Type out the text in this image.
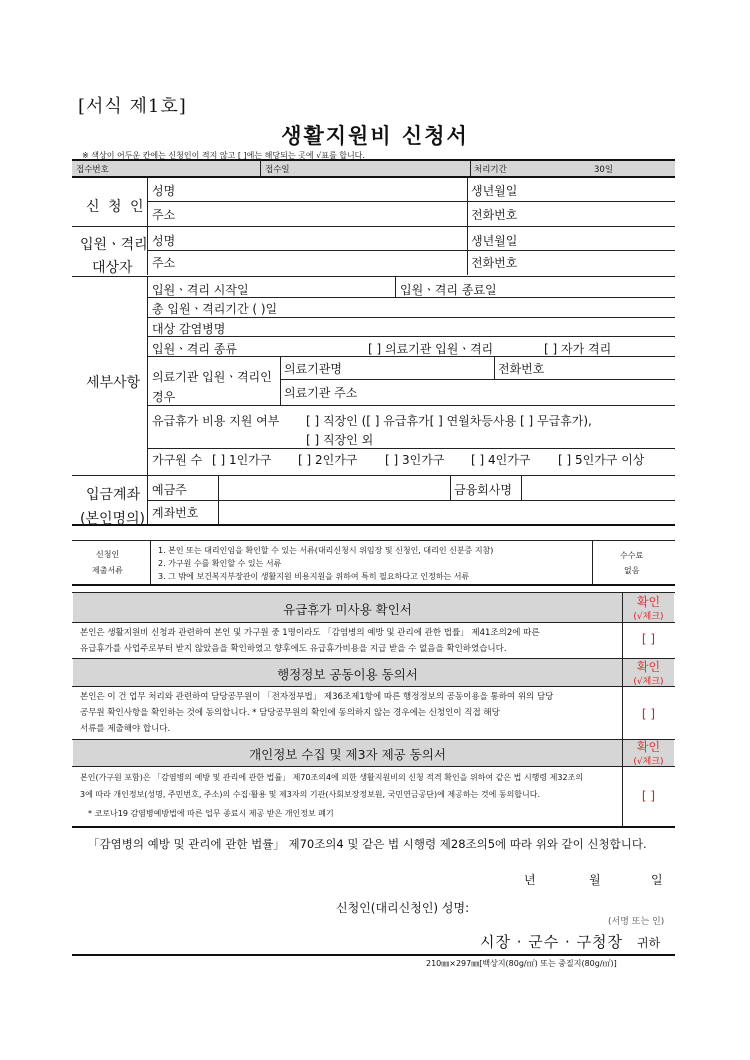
[서식 제1호]
생활지원비 신청서
※ 색상이 어두운 칸에는 신청인이 적지 않고 [ ]에는 해당되는 곳에 √표를 합니다.
접수번호	접수일	처리기간	30일
신 청 인
성명	생년월일
주소	전화번호
입원ㆍ격리
대상자
성명	생년월일
주소	전화번호
세부사항
입원ㆍ격리 시작일	입원ㆍ격리 종료일
총 입원ㆍ격리기간 ( )일
대상 감염병명
입원ㆍ격리 종류	[ ] 의료기관 입원ㆍ격리	[ ] 자가 격리
의료기관 입원ㆍ격리인
경우
의료기관명	전화번호
의료기관 주소
유급휴가 비용 지원 여부 [ ] 직장인 ([ ] 유급휴가[ ] 연월차등사용 [ ] 무급휴가),
[ ] 직장인 외
가구원 수 [ ] 1인가구 [ ] 2인가구 [ ] 3인가구 [ ] 4인가구 [ ] 5인가구 이상
입금계좌
(본인명의)
예금주	금융회사명
계좌번호
신청인
제출서류
1. 본인 또는 대리인임을 확인할 수 있는 서류(대리신청시 위임장 및 신청인, 대리인 신분증 지참)
2. 가구원 수를 확인할 수 있는 서류
3. 그 밖에 보건복지부장관이 생활지원 비용지원을 위하여 특히 필요하다고 인정하는 서류
수수료
없음
유급휴가 미사용 확인서	확인
(√체크)
본인은 생활지원비 신청과 관련하여 본인 및 가구원 중 1명이라도 「감염병의 예방 및 관리에 관한 법률」 제41조의2에 따른
유급휴가를 사업주로부터 받지 않았음을 확인하였고 향후에도 유급휴가비용을 지급 받을 수 없음을 확인하였습니다.
[ ]
행정정보 공동이용 동의서	확인
(√체크)
본인은 이 건 업무 처리와 관련하여 담당공무원이 「전자정부법」 제36조제1항에 따른 행정정보의 공동이용을 통하여 위의 담당
공무원 확인사항을 확인하는 것에 동의합니다. * 담당공무원의 확인에 동의하지 않는 경우에는 신청인이 직접 해당
서류를 제출해야 합니다.
[ ]
개인정보 수집 및 제3자 제공 동의서	확인
(√체크)
본인(가구원 포함)은 「감염병의 예방 및 관리에 관한 법률」 제70조의4에 의한 생활지원비의 신청 적격 확인을 위하여 같은 법 시행령 제32조의
3에 따라 개인정보(성명, 주민번호, 주소)의 수집·활용 및 제3자의 기관(사회보장정보원, 국민연금공단)에 제공하는 것에 동의합니다.
* 코로나19 감염병예방법에 따른 업무 종료시 제공 받은 개인정보 폐기
[ ]
「감염병의 예방 및 관리에 관한 법률」 제70조의4 및 같은 법 시행령 제28조의5에 따라 위와 같이 신청합니다.
년	월	일
신청인(대리신청인) 성명:
(서명 또는 인)
시장 · 군수 · 구청장 귀하
210㎜×297㎜[백상지(80g/㎡) 또는 중질지(80g/㎡)]
